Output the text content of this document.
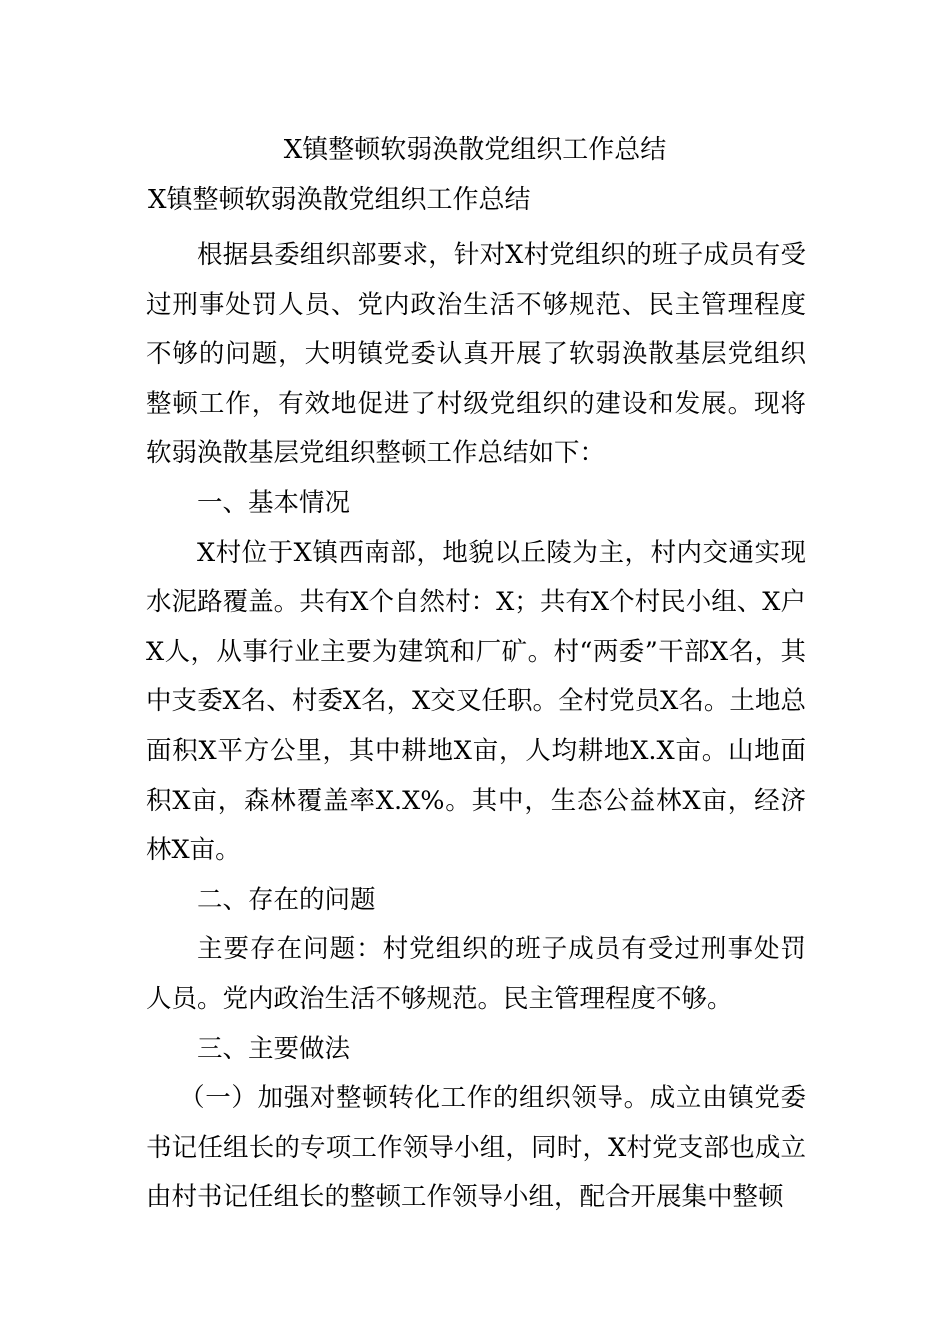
X镇整顿软弱涣散党组织工作总结
X镇整顿软弱涣散党组织工作总结

根据县委组织部要求，针对X村党组织的班子成员有受过刑事处罚人员、党内政治生活不够规范、民主管理程度不够的问题，大明镇党委认真开展了软弱涣散基层党组织整顿工作，有效地促进了村级党组织的建设和发展。现将软弱涣散基层党组织整顿工作总结如下：

一、基本情况

X村位于X镇西南部，地貌以丘陵为主，村内交通实现水泥路覆盖。共有X个自然村：X；共有X个村民小组、X户X人，从事行业主要为建筑和厂矿。村“两委”干部X名，其中支委X名、村委X名，X交叉任职。全村党员X名。土地总面积X平方公里，其中耕地X亩，人均耕地X.X亩。山地面积X亩，森林覆盖率X.X%。其中，生态公益林X亩，经济林X亩。

二、存在的问题

主要存在问题：村党组织的班子成员有受过刑事处罚人员。党内政治生活不够规范。民主管理程度不够。

三、主要做法

（一）加强对整顿转化工作的组织领导。成立由镇党委书记任组长的专项工作领导小组，同时，X村党支部也成立由村书记任组长的整顿工作领导小组，配合开展集中整顿
